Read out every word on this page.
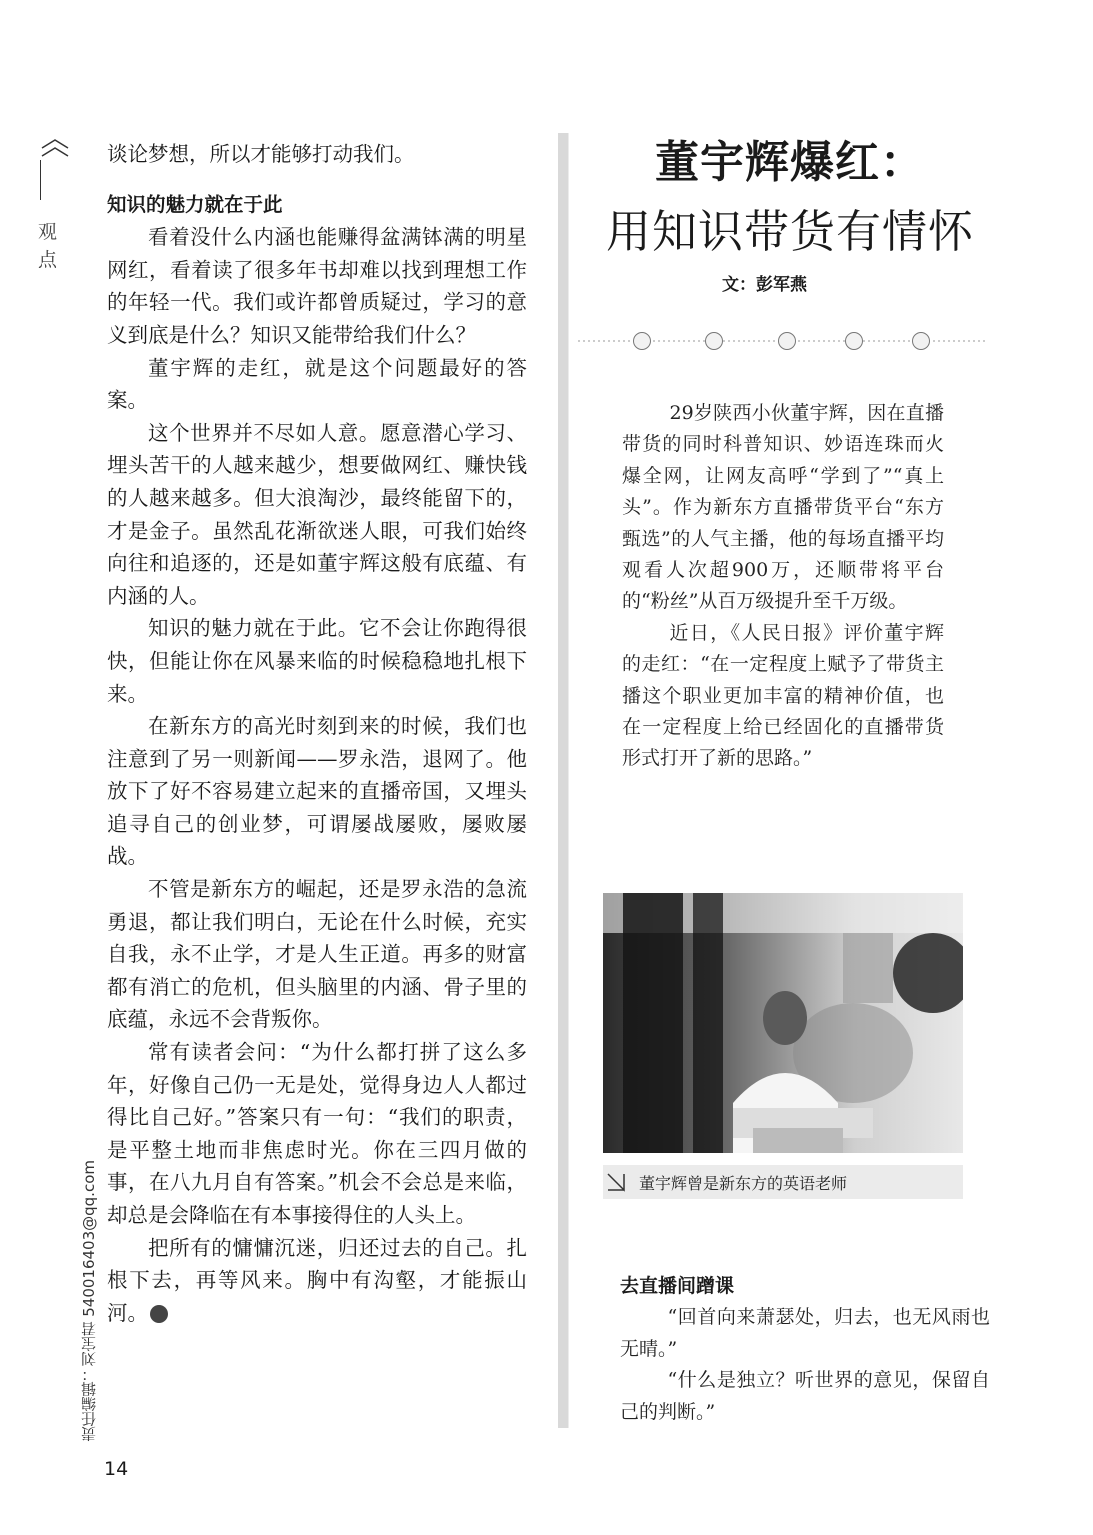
观点
责任编辑：刘宝君 540016403@qq.com

谈论梦想，所以才能够打动我们。

知识的魅力就在于此

看着没什么内涵也能赚得盆满钵满的明星网红，看着读了很多年书却难以找到理想工作的年轻一代。我们或许都曾质疑过，学习的意义到底是什么？知识又能带给我们什么？

董宇辉的走红，就是这个问题最好的答案。

这个世界并不尽如人意。愿意潜心学习、埋头苦干的人越来越少，想要做网红、赚快钱的人越来越多。但大浪淘沙，最终能留下的，才是金子。虽然乱花渐欲迷人眼，可我们始终向往和追逐的，还是如董宇辉这般有底蕴、有内涵的人。

知识的魅力就在于此。它不会让你跑得很快，但能让你在风暴来临的时候稳稳地扎根下来。

在新东方的高光时刻到来的时候，我们也注意到了另一则新闻——罗永浩，退网了。他放下了好不容易建立起来的直播帝国，又埋头追寻自己的创业梦，可谓屡战屡败，屡败屡战。

不管是新东方的崛起，还是罗永浩的急流勇退，都让我们明白，无论在什么时候，充实自我，永不止学，才是人生正道。再多的财富都有消亡的危机，但头脑里的内涵、骨子里的底蕴，永远不会背叛你。

常有读者会问：“为什么都打拼了这么多年，好像自己仍一无是处，觉得身边人人都过得比自己好。”答案只有一句：“我们的职责，是平整土地而非焦虑时光。你在三四月做的事，在八九月自有答案。”机会不会总是来临，却总是会降临在有本事接得住的人头上。

把所有的慵慵沉迷，归还过去的自己。扎根下去，再等风来。胸中有沟壑，才能振山河。	家

董宇辉爆红：
用知识带货有情怀
文：彭军燕

29岁陕西小伙董宇辉，因在直播带货的同时科普知识、妙语连珠而火爆全网，让网友高呼“学到了”“真上头”。作为新东方直播带货平台“东方甄选”的人气主播，他的每场直播平均观看人次超900万，还顺带将平台的“粉丝”从百万级提升至千万级。

近日，《人民日报》评价董宇辉的走红：“在一定程度上赋予了带货主播这个职业更加丰富的精神价值，也在一定程度上给已经固化的直播带货形式打开了新的思路。”

董宇辉曾是新东方的英语老师
去直播间蹭课

“回首向来萧瑟处，归去，也无风雨也无晴。”

“什么是独立？听世界的意见，保留自己的判断。”

14
